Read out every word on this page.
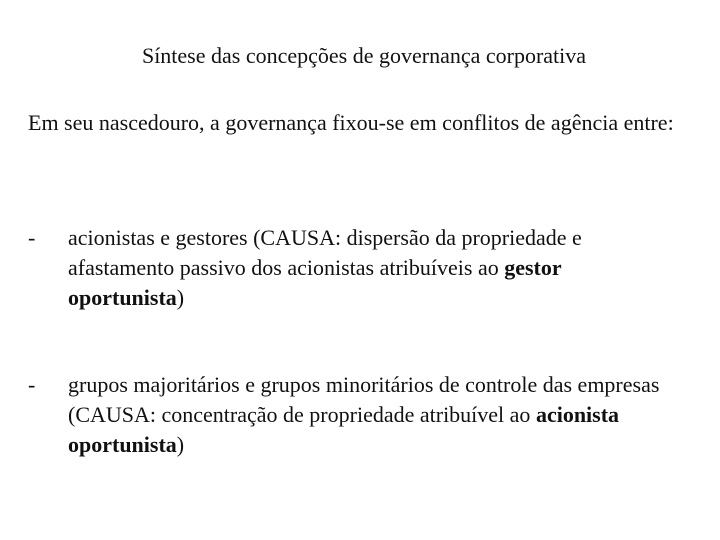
Síntese das concepções de governança corporativa
Em seu nascedouro, a governança fixou-se em conflitos de agência entre:
-	acionistas e gestores (CAUSA: dispersão da propriedade e afastamento passivo dos acionistas atribuíveis ao gestor oportunista)
-	grupos majoritários e grupos minoritários de controle das empresas (CAUSA: concentração de propriedade atribuível ao acionista oportunista)
